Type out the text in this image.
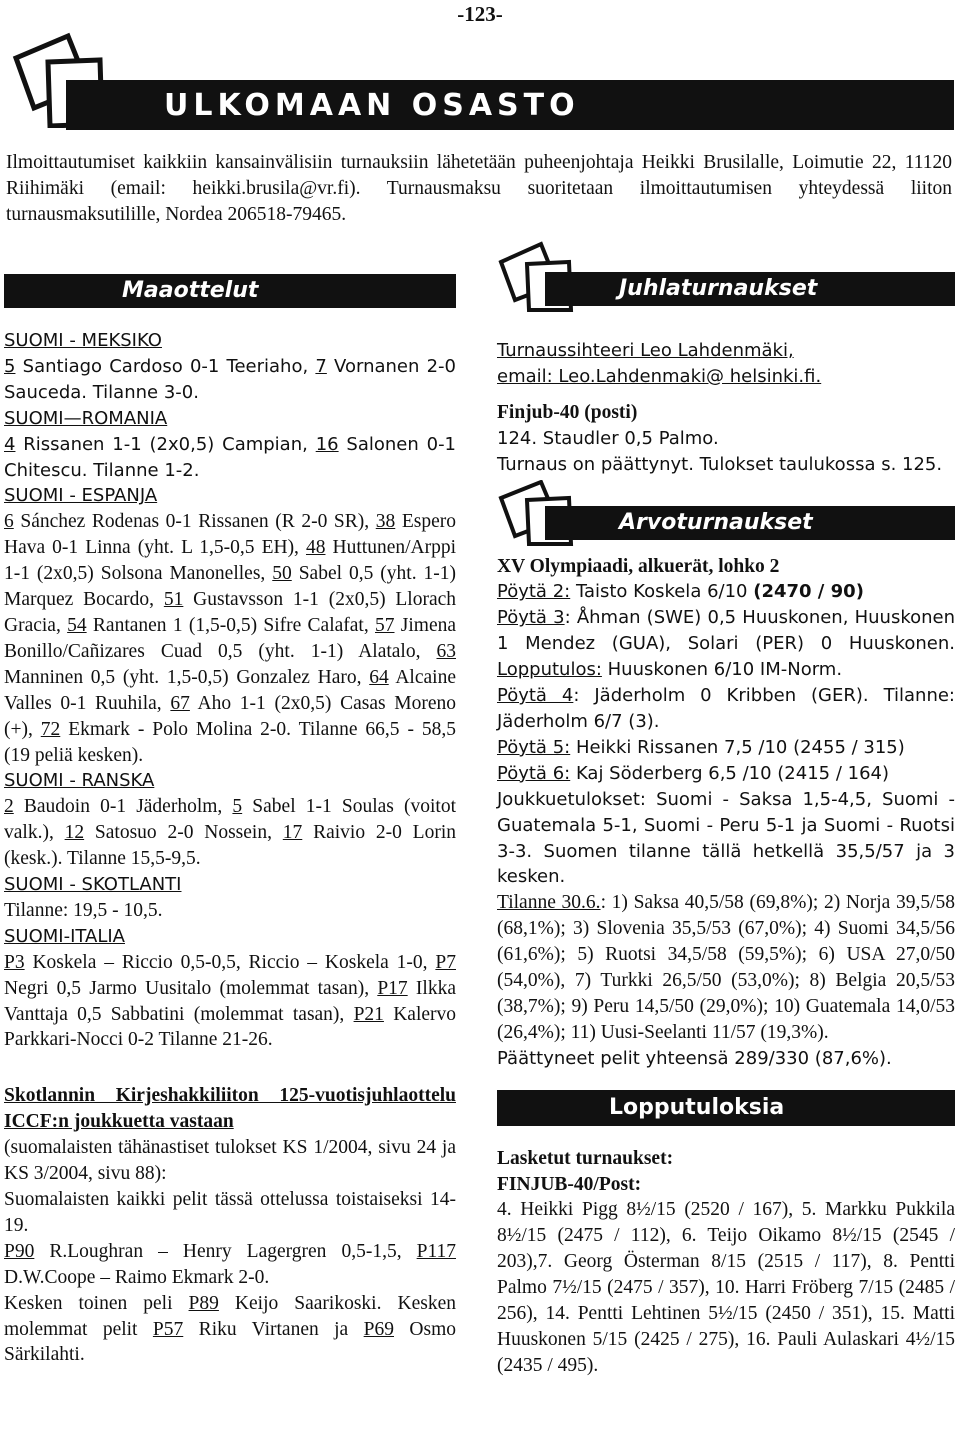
-123-
ULKOMAAN OSASTO
Ilmoittautumiset kaikkiin kansainvälisiin turnauksiin lähetetään puheenjohtaja Heikki Brusilalle, Loimutie 22, 11120 Riihimäki (email: heikki.brusila@vr.fi). Turnausmaksu suoritetaan ilmoittautumisen yhteydessä liiton turnausmaksutilille, Nordea 206518-79465.
Maaottelut

SUOMI - MEKSIKO

5 Santiago Cardoso 0-1 Teeriaho, 7 Vornanen 2-0 Sauceda. Tilanne 3-0.

SUOMI—ROMANIA

4 Rissanen 1-1 (2x0,5) Campian, 16 Salonen 0-1 Chitescu. Tilanne 1-2.

SUOMI - ESPANJA

6 Sánchez Rodenas 0-1 Rissanen (R 2-0 SR), 38 Espero Hava 0-1 Linna (yht. L 1,5-0,5 EH), 48 Huttunen/Arppi 1-1 (2x0,5) Solsona Manonelles, 50 Sabel 0,5 (yht. 1-1) Marquez Bocardo, 51 Gustavsson 1-1 (2x0,5) Llorach Gracia, 54 Rantanen 1 (1,5-0,5) Sifre Calafat, 57 Jimena Bonillo/Cañizares Cuad 0,5 (yht. 1-1) Alatalo, 63 Manninen 0,5 (yht. 1,5-0,5) Gonzalez Haro, 64 Alcaine Valles 0-1 Ruuhila, 67 Aho 1-1 (2x0,5) Casas Moreno (+), 72 Ekmark - Polo Molina 2-0. Tilanne 66,5 - 58,5 (19 peliä kesken).

SUOMI - RANSKA

2 Baudoin 0-1 Jäderholm, 5 Sabel 1-1 Soulas (voitot valk.), 12 Satosuo 2-0 Nossein, 17 Raivio 2-0 Lorin (kesk.). Tilanne 15,5-9,5.

SUOMI - SKOTLANTI

Tilanne: 19,5 - 10,5.

SUOMI-ITALIA

P3 Koskela – Riccio 0,5-0,5, Riccio – Koskela 1-0, P7 Negri 0,5 Jarmo Uusitalo (molemmat tasan), P17 Ilkka Vanttaja 0,5 Sabbatini (molemmat tasan), P21 Kalervo Parkkari-Nocci 0-2 Tilanne 21-26.

Skotlannin Kirjeshakkiliiton 125-vuotisjuhlaottelu ICCF:n joukkuetta vastaan

(suomalaisten tähänastiset tulokset KS 1/2004, sivu 24 ja KS 3/2004, sivu 88):

Suomalaisten kaikki pelit tässä ottelussa toistaiseksi 14-19.

P90 R.Loughran – Henry Lagergren 0,5-1,5, P117 D.W.Coope – Raimo Ekmark 2-0.

Kesken toinen peli P89 Keijo Saarikoski. Kesken molemmat pelit P57 Riku Virtanen ja P69 Osmo Särkilahti.

Juhlaturnaukset

Turnaussihteeri Leo Lahdenmäki,

email: Leo.Lahdenmaki@ helsinki.fi.

Finjub-40 (posti)

124. Staudler 0,5 Palmo.

Turnaus on päättynyt. Tulokset taulukossa s. 125.

Arvoturnaukset

XV Olympiaadi, alkuerät, lohko 2

Pöytä 2: Taisto Koskela 6/10 (2470 / 90)

Pöytä 3: Åhman (SWE) 0,5 Huuskonen, Huuskonen 1 Mendez (GUA), Solari (PER) 0 Huuskonen. Lopputulos: Huuskonen 6/10 IM-Norm.

Pöytä 4: Jäderholm 0 Kribben (GER). Tilanne: Jäderholm 6/7 (3).

Pöytä 5: Heikki Rissanen 7,5 /10 (2455 / 315)

Pöytä 6: Kaj Söderberg 6,5 /10 (2415 / 164)

Joukkuetulokset: Suomi - Saksa 1,5-4,5, Suomi - Guatemala 5-1, Suomi - Peru 5-1 ja Suomi - Ruotsi 3-3. Suomen tilanne tällä hetkellä 35,5/57 ja 3 kesken.

Tilanne 30.6.: 1) Saksa 40,5/58 (69,8%); 2) Norja 39,5/58 (68,1%); 3) Slovenia 35,5/53 (67,0%); 4) Suomi 34,5/56 (61,6%); 5) Ruotsi 34,5/58 (59,5%); 6) USA 27,0/50 (54,0%), 7) Turkki 26,5/50 (53,0%); 8) Belgia 20,5/53 (38,7%); 9) Peru 14,5/50 (29,0%); 10) Guatemala 14,0/53 (26,4%); 11) Uusi-Seelanti 11/57 (19,3%).

Päättyneet pelit yhteensä 289/330 (87,6%).

Lopputuloksia

Lasketut turnaukset:

FINJUB-40/Post:

4. Heikki Pigg 8½/15 (2520 / 167), 5. Markku Pukkila 8½/15 (2475 / 112), 6. Teijo Oikamo 8½/15 (2545 / 203),7. Georg Österman 8/15 (2515 / 117), 8. Pentti Palmo 7½/15 (2475 / 357), 10. Harri Fröberg 7/15 (2485 / 256), 14. Pentti Lehtinen 5½/15 (2450 / 351), 15. Matti Huuskonen 5/15 (2425 / 275), 16. Pauli Aulaskari 4½/15 (2435 / 495).
